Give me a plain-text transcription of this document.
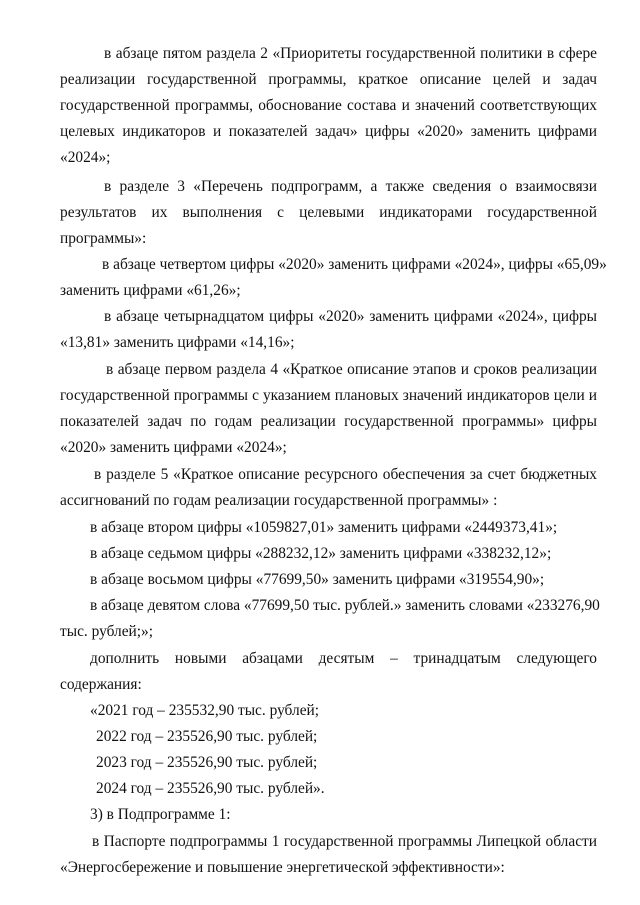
в абзаце пятом раздела 2 «Приоритеты государственной политики в сфере
реализации государственной программы, краткое описание целей и задач
государственной программы, обоснование состава и значений соответствующих
целевых индикаторов и показателей задач» цифры «2020» заменить цифрами
«2024»;
в разделе 3 «Перечень подпрограмм, а также сведения о взаимосвязи
результатов их выполнения с целевыми индикаторами государственной
программы»:
в абзаце четвертом цифры «2020» заменить цифрами «2024», цифры «65,09»
заменить цифрами «61,26»;
в абзаце четырнадцатом цифры «2020» заменить цифрами «2024», цифры
«13,81» заменить цифрами «14,16»;
в абзаце первом раздела 4 «Краткое описание этапов и сроков реализации
государственной программы с указанием плановых значений индикаторов цели и
показателей задач по годам реализации государственной программы» цифры
«2020» заменить цифрами «2024»;
в разделе 5 «Краткое описание ресурсного обеспечения за счет бюджетных
ассигнований по годам реализации государственной программы» :
в абзаце втором цифры «1059827,01» заменить цифрами «2449373,41»;
в абзаце седьмом цифры «288232,12» заменить цифрами «338232,12»;
в абзаце восьмом цифры «77699,50» заменить цифрами «319554,90»;
в абзаце девятом слова «77699,50 тыс. рублей.» заменить словами «233276,90
тыс. рублей;»;
дополнить новыми абзацами десятым – тринадцатым следующего
содержания:
«2021 год – 235532,90 тыс. рублей;
2022 год – 235526,90 тыс. рублей;
2023 год – 235526,90 тыс. рублей;
2024 год – 235526,90 тыс. рублей».
3) в Подпрограмме 1:
в Паспорте подпрограммы 1 государственной программы Липецкой области
«Энергосбережение и повышение энергетической эффективности»:
